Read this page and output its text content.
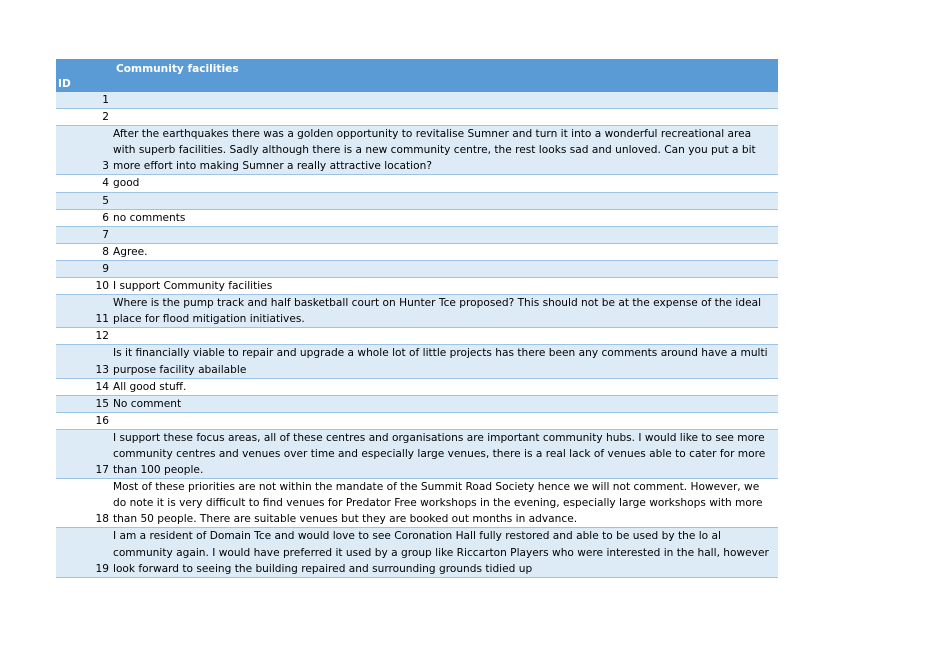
ID	Community facilities

1	
2	
3	After the earthquakes there was a golden opportunity to revitalise Sumner and turn it into a wonderful recreational area with superb facilities. Sadly although there is a new community centre, the rest looks sad and unloved. Can you put a bit more effort into making Sumner a really attractive location?
4	good
5	
6	no comments
7	
8	Agree.
9	
10	I support Community facilities
11	Where is the pump track and half basketball court on Hunter Tce proposed? This should not be at the expense of the ideal place for flood mitigation initiatives.
12	
13	Is it financially viable to repair and upgrade a whole lot of little projects has there been any comments around have a multi purpose facility abailable
14	All good stuff.
15	No comment
16	
17	I support these focus areas, all of these centres and organisations are important community hubs. I would like to see more community centres and venues over time and especially large venues, there is a real lack of venues able to cater for more than 100 people.
18	Most of these priorities are not within the mandate of the Summit Road Society hence we will not comment. However, we do note it is very difficult to find venues for Predator Free workshops in the evening, especially large workshops with more than 50 people. There are suitable venues but they are booked out months in advance.
19	I am a resident of Domain Tce and would love to see Coronation Hall fully restored and able to be used by the lo al community again. I would have preferred it used by a group like Riccarton Players who were interested in the hall, however look forward to seeing the building repaired and surrounding grounds tidied up
